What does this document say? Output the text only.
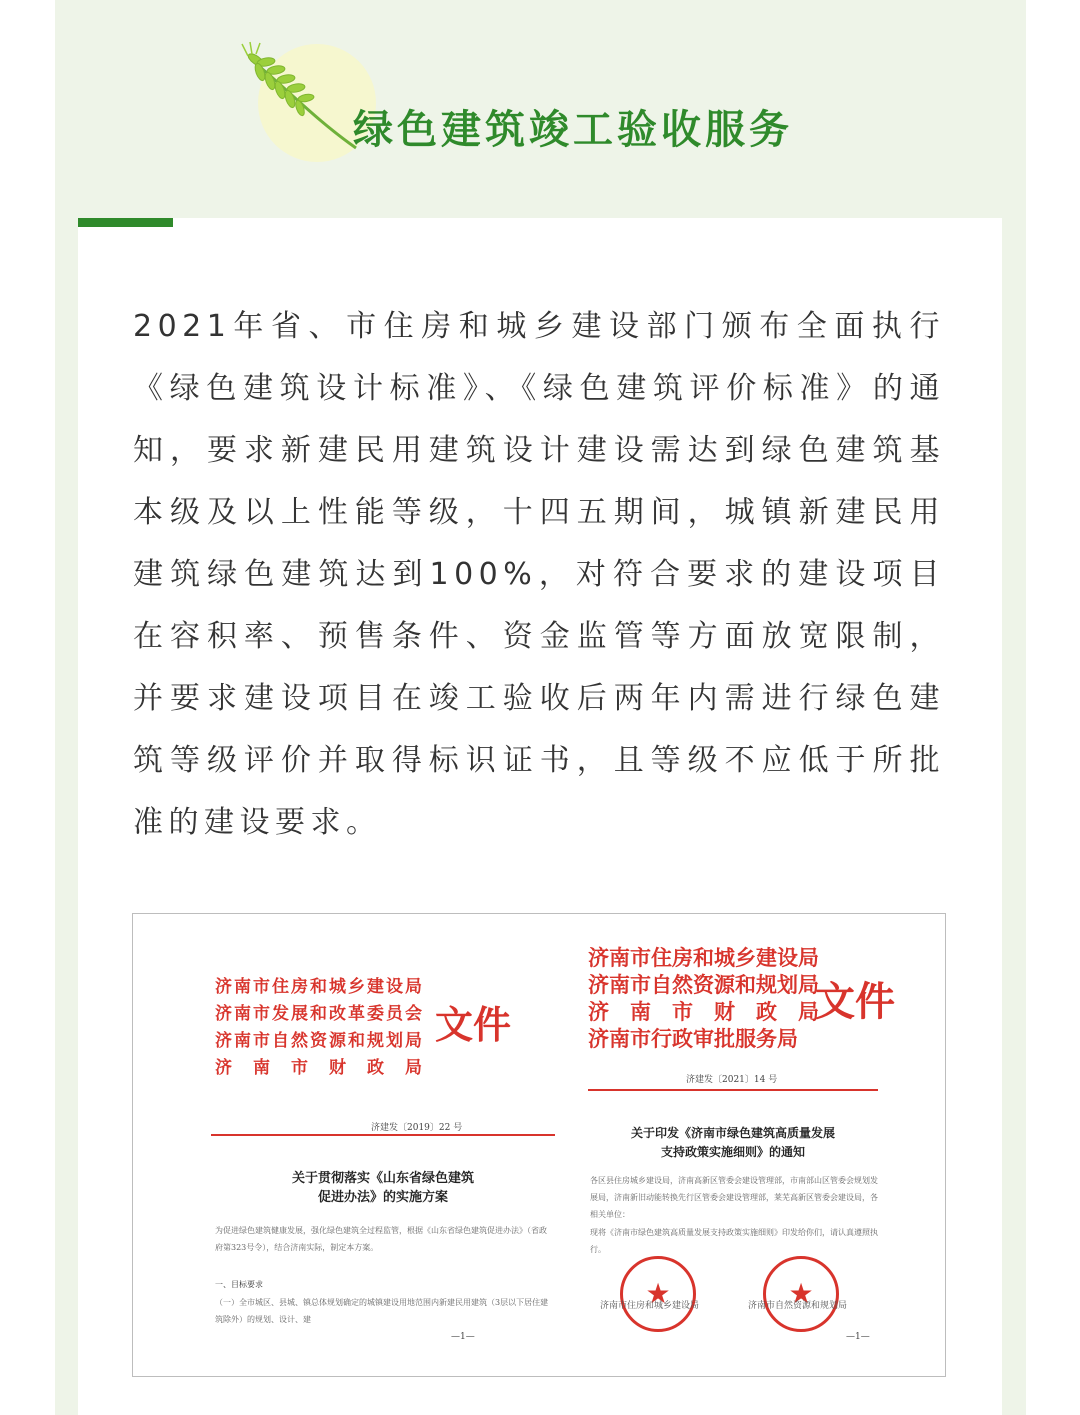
绿色建筑竣工验收服务
2021年省、市住房和城乡建设部门颁布全面执行《绿色建筑设计标准》、《绿色建筑评价标准》的通知，要求新建民用建筑设计建设需达到绿色建筑基本级及以上性能等级，十四五期间，城镇新建民用建筑绿色建筑达到100%，对符合要求的建设项目在容积率、预售条件、资金监管等方面放宽限制，并要求建设项目在竣工验收后两年内需进行绿色建筑等级评价并取得标识证书，且等级不应低于所批准的建设要求。
济南市住房和城乡建设局
济南市发展和改革委员会
济南市自然资源和规划局
济　南　市　财　政　局
文件
济建发〔2019〕22 号
关于贯彻落实《山东省绿色建筑
促进办法》的实施方案
为促进绿色建筑健康发展，强化绿色建筑全过程监管，根据《山东省绿色建筑促进办法》（省政府第323号令），结合济南实际，制定本方案。
一、目标要求
（一）全市城区、县城、镇总体规划确定的城镇建设用地范围内新建民用建筑（3层以下居住建筑除外）的规划、设计、建
—1—
济南市住房和城乡建设局
济南市自然资源和规划局
济　南　市　财　政　局
济南市行政审批服务局
文件
济建发〔2021〕14 号
关于印发《济南市绿色建筑高质量发展
支持政策实施细则》的通知
各区县住房城乡建设局，济南高新区管委会建设管理部，市南部山区管委会规划发展局，济南新旧动能转换先行区管委会建设管理部，莱芜高新区管委会建设局，各相关单位：
现将《济南市绿色建筑高质量发展支持政策实施细则》印发给你们，请认真遵照执行。
★	★
济南市住房和城乡建设局	济南市自然资源和规划局
—1—
